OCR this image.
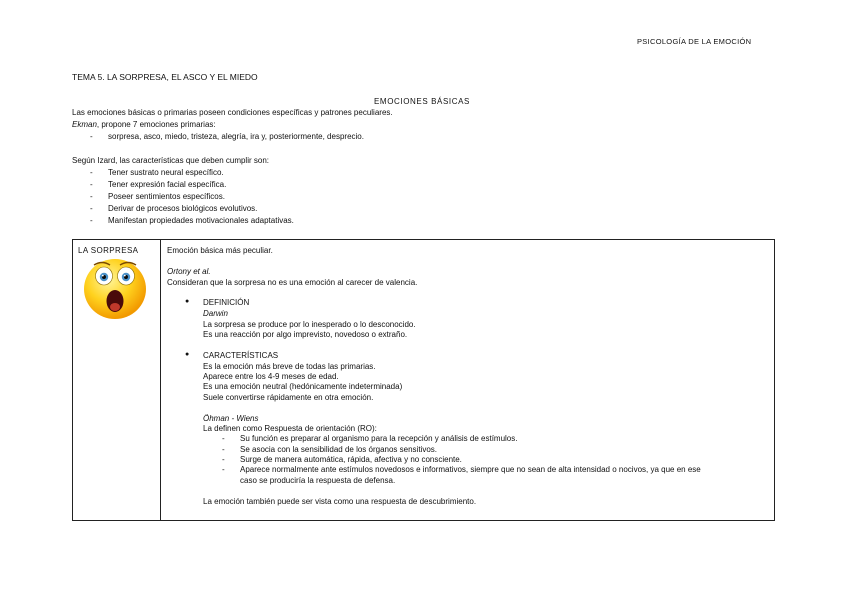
PSICOLOGÍA DE LA EMOCIÓN
TEMA 5. LA SORPRESA, EL ASCO Y EL MIEDO
EMOCIONES BÁSICAS
Las emociones básicas o primarias poseen condiciones específicas y patrones peculiares.
Ekman, propone 7 emociones primarias:
- sorpresa, asco, miedo, tristeza, alegría, ira y, posteriormente, desprecio.
Según Izard, las características que deben cumplir son:
- Tener sustrato neural específico.
- Tener expresión facial específica.
- Poseer sentimientos específicos.
- Derivar de procesos biológicos evolutivos.
- Manifestan propiedades motivacionales adaptativas.
LA SORPRESA	Emoción básica más peculiar.
Ortony et al.
Consideran que la sorpresa no es una emoción al carecer de valencia.
● DEFINICIÓN
Darwin
La sorpresa se produce por lo inesperado o lo desconocido.
Es una reacción por algo imprevisto, novedoso o extraño.
● CARACTERÍSTICAS
Es la emoción más breve de todas las primarias.
Aparece entre los 4-9 meses de edad.
Es una emoción neutral (hedónicamente indeterminada)
Suele convertirse rápidamente en otra emoción.
Öhman - Wiens
La definen como Respuesta de orientación (RO):
- Su función es preparar al organismo para la recepción y análisis de estímulos.
- Se asocia con la sensibilidad de los órganos sensitivos.
- Surge de manera automática, rápida, afectiva y no consciente.
- Aparece normalmente ante estímulos novedosos e informativos, siempre que no sean de alta intensidad o nocivos, ya que en ese
caso se produciría la respuesta de defensa.
La emoción también puede ser vista como una respuesta de descubrimiento.
